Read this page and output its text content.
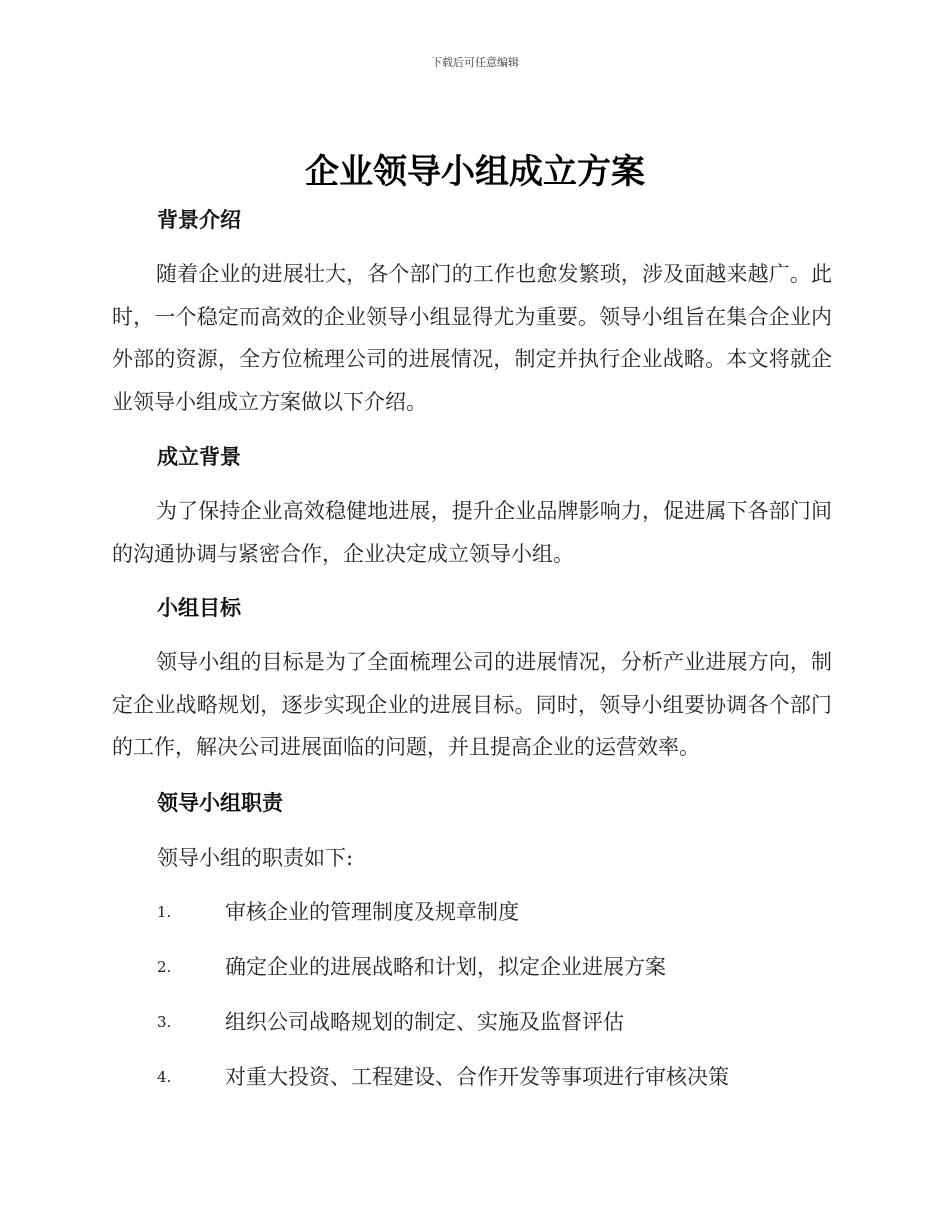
下载后可任意编辑
企业领导小组成立方案
背景介绍

随着企业的进展壮大，各个部门的工作也愈发繁琐，涉及面越来越广。此时，一个稳定而高效的企业领导小组显得尤为重要。领导小组旨在集合企业内外部的资源，全方位梳理公司的进展情况，制定并执行企业战略。本文将就企业领导小组成立方案做以下介绍。

成立背景

为了保持企业高效稳健地进展，提升企业品牌影响力，促进属下各部门间的沟通协调与紧密合作，企业决定成立领导小组。

小组目标

领导小组的目标是为了全面梳理公司的进展情况，分析产业进展方向，制定企业战略规划，逐步实现企业的进展目标。同时，领导小组要协调各个部门的工作，解决公司进展面临的问题，并且提高企业的运营效率。

领导小组职责

领导小组的职责如下:

1.	审核企业的管理制度及规章制度
2.	确定企业的进展战略和计划，拟定企业进展方案
3.	组织公司战略规划的制定、实施及监督评估
4.	对重大投资、工程建设、合作开发等事项进行审核决策
